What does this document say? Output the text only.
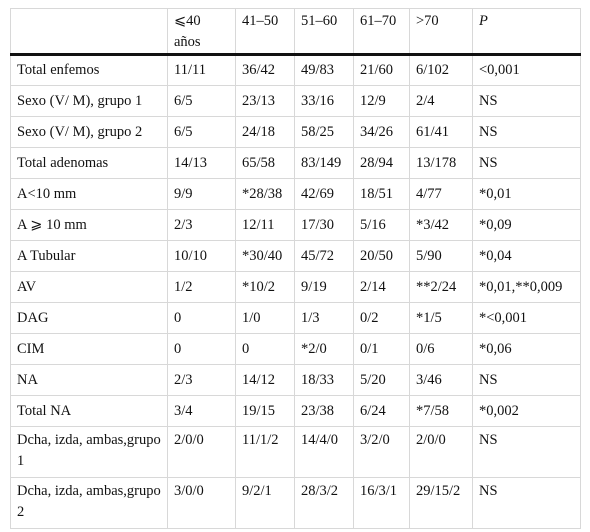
	⩽40 años	41–50	51–60	61–70	>70	P
Total enfemos	11/11	36/42	49/83	21/60	6/102	<0,001
Sexo (V/ M), grupo 1	6/5	23/13	33/16	12/9	2/4	NS
Sexo (V/ M), grupo 2	6/5	24/18	58/25	34/26	61/41	NS
Total adenomas	14/13	65/58	83/149	28/94	13/178	NS
A<10 mm	9/9	*28/38	42/69	18/51	4/77	*0,01
A ⩾ 10 mm	2/3	12/11	17/30	5/16	*3/42	*0,09
A Tubular	10/10	*30/40	45/72	20/50	5/90	*0,04
AV	1/2	*10/2	9/19	2/14	**2/24	*0,01,**0,009
DAG	0	1/0	1/3	0/2	*1/5	*<0,001
CIM	0	0	*2/0	0/1	0/6	*0,06
NA	2/3	14/12	18/33	5/20	3/46	NS
Total NA	3/4	19/15	23/38	6/24	*7/58	*0,002
Dcha, izda, ambas,grupo 1	2/0/0	11/1/2	14/4/0	3/2/0	2/0/0	NS
Dcha, izda, ambas,grupo 2	3/0/0	9/2/1	28/3/2	16/3/1	29/15/2	NS
